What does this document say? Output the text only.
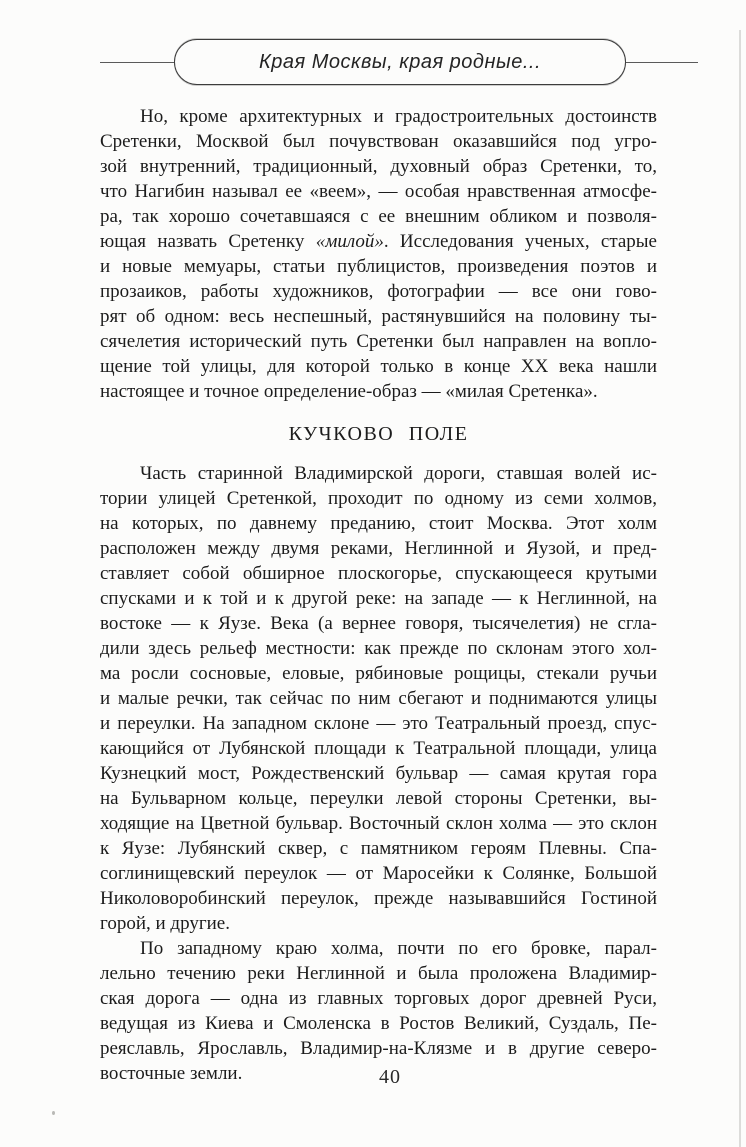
Края Москвы, края родные...
Но, кроме архитектурных и градостроительных достоинств
Сретенки, Москвой был почувствован оказавшийся под угро-
зой внутренний, традиционный, духовный образ Сретенки, то,
что Нагибин называл ее «веем», — особая нравственная атмосфе-
ра, так хорошо сочетавшаяся с ее внешним обликом и позволя-
ющая назвать Сретенку «милой». Исследования ученых, старые
и новые мемуары, статьи публицистов, произведения поэтов и
прозаиков, работы художников, фотографии — все они гово-
рят об одном: весь неспешный, растянувшийся на половину ты-
сячелетия исторический путь Сретенки был направлен на вопло-
щение той улицы, для которой только в конце XX века нашли
настоящее и точное определение-образ — «милая Сретенка».
КУЧКОВО ПОЛЕ
Часть старинной Владимирской дороги, ставшая волей ис-
тории улицей Сретенкой, проходит по одному из семи холмов,
на которых, по давнему преданию, стоит Москва. Этот холм
расположен между двумя реками, Неглинной и Яузой, и пред-
ставляет собой обширное плоскогорье, спускающееся крутыми
спусками и к той и к другой реке: на западе — к Неглинной, на
востоке — к Яузе. Века (а вернее говоря, тысячелетия) не сгла-
дили здесь рельеф местности: как прежде по склонам этого хол-
ма росли сосновые, еловые, рябиновые рощицы, стекали ручьи
и малые речки, так сейчас по ним сбегают и поднимаются улицы
и переулки. На западном склоне — это Театральный проезд, спус-
кающийся от Лубянской площади к Театральной площади, улица
Кузнецкий мост, Рождественский бульвар — самая крутая гора
на Бульварном кольце, переулки левой стороны Сретенки, вы-
ходящие на Цветной бульвар. Восточный склон холма — это склон
к Яузе: Лубянский сквер, с памятником героям Плевны. Спа-
соглинищевский переулок — от Маросейки к Солянке, Большой
Николоворобинский переулок, прежде называвшийся Гостиной
горой, и другие.
По западному краю холма, почти по его бровке, парал-
лельно течению реки Неглинной и была проложена Владимир-
ская дорога — одна из главных торговых дорог древней Руси,
ведущая из Киева и Смоленска в Ростов Великий, Суздаль, Пе-
реяславль, Ярославль, Владимир-на-Клязме и в другие северо-
восточные земли.	40
